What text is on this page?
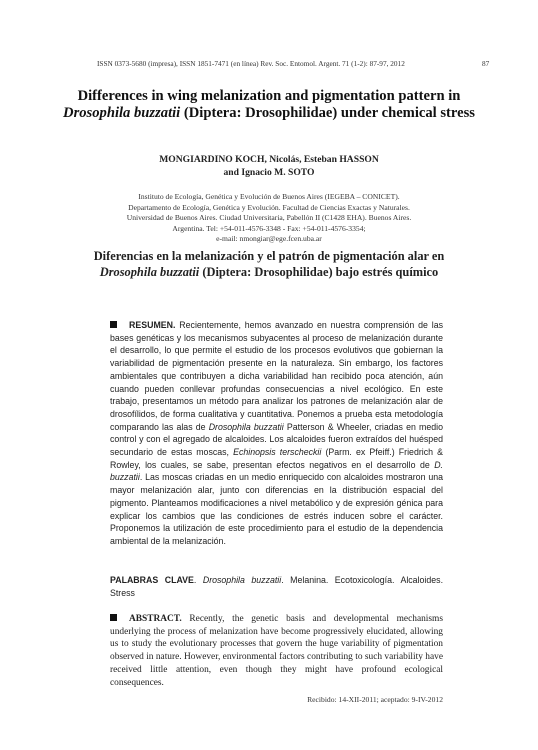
ISSN 0373-5680 (impresa), ISSN 1851-7471 (en línea) Rev. Soc. Entomol. Argent. 71 (1-2): 87-97, 2012	87
Differences in wing melanization and pigmentation pattern in Drosophila buzzatii (Diptera: Drosophilidae) under chemical stress
MONGIARDINO KOCH, Nicolás, Esteban HASSON
and Ignacio M. SOTO
Instituto de Ecología, Genética y Evolución de Buenos Aires (IEGEBA – CONICET).
Departamento de Ecología, Genética y Evolución. Facultad de Ciencias Exactas y Naturales.
Universidad de Buenos Aires. Ciudad Universitaria, Pabellón II (C1428 EHA). Buenos Aires.
Argentina. Tel: +54-011-4576-3348 - Fax: +54-011-4576-3354;
e-mail: nmongiar@ege.fcen.uba.ar
Diferencias en la melanización y el patrón de pigmentación alar en Drosophila buzzatii (Diptera: Drosophilidae) bajo estrés químico
RESUMEN. Recientemente, hemos avanzado en nuestra comprensión de las bases genéticas y los mecanismos subyacentes al proceso de melanización durante el desarrollo, lo que permite el estudio de los procesos evolutivos que gobiernan la variabilidad de pigmentación presente en la naturaleza. Sin embargo, los factores ambientales que contribuyen a dicha variabilidad han recibido poca atención, aún cuando pueden conllevar profundas consecuencias a nivel ecológico. En este trabajo, presentamos un método para analizar los patrones de melanización alar de drosofílidos, de forma cualitativa y cuantitativa. Ponemos a prueba esta metodología comparando las alas de Drosophila buzzatii Patterson & Wheeler, criadas en medio control y con el agregado de alcaloides. Los alcaloides fueron extraídos del huésped secundario de estas moscas, Echinopsis terscheckii (Parm. ex Pfeiff.) Friedrich & Rowley, los cuales, se sabe, presentan efectos negativos en el desarrollo de D. buzzatii. Las moscas criadas en un medio enriquecido con alcaloides mostraron una mayor melanización alar, junto con diferencias en la distribución espacial del pigmento. Planteamos modificaciones a nivel metabólico y de expresión génica para explicar los cambios que las condiciones de estrés inducen sobre el carácter. Proponemos la utilización de este procedimiento para el estudio de la dependencia ambiental de la melanización.
PALABRAS CLAVE. Drosophila buzzatii. Melanina. Ecotoxicología. Alcaloides. Stress
ABSTRACT. Recently, the genetic basis and developmental mechanisms underlying the process of melanization have become progressively elucidated, allowing us to study the evolutionary processes that govern the huge variability of pigmentation observed in nature. However, environmental factors contributing to such variability have received little attention, even though they might have profound ecological consequences.
Recibido: 14-XII-2011; aceptado: 9-IV-2012
